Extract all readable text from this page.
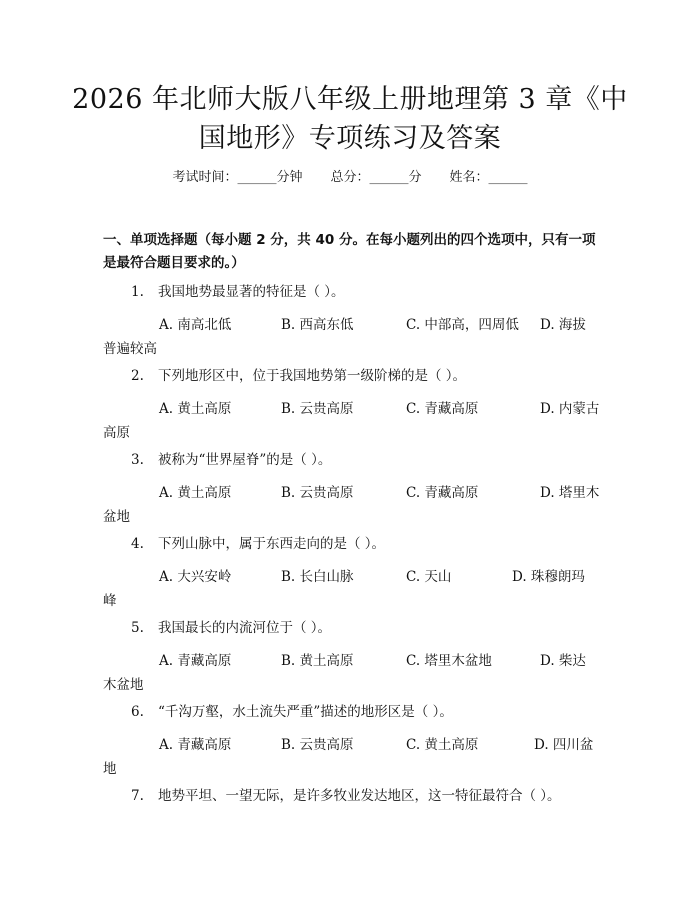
2026 年北师大版八年级上册地理第 3 章《中
国地形》专项练习及答案
考试时间：______分钟 总分：______分 姓名：______
一、单项选择题（每小题 2 分，共 40 分。在每小题列出的四个选项中，只有一项
是最符合题目要求的。）
1. 我国地势最显著的特征是（ ）。
A. 南高北低	B. 西高东低	C. 中部高，四周低 D. 海拔
普遍较高
2. 下列地形区中，位于我国地势第一级阶梯的是（ ）。
A. 黄土高原	B. 云贵高原	C. 青藏高原	D. 内蒙古
高原
3. 被称为“世界屋脊”的是（ ）。
A. 黄土高原	B. 云贵高原	C. 青藏高原	D. 塔里木
盆地
4. 下列山脉中，属于东西走向的是（ ）。
A. 大兴安岭	B. 长白山脉	C. 天山	D. 珠穆朗玛
峰
5. 我国最长的内流河位于（ ）。
A. 青藏高原	B. 黄土高原	C. 塔里木盆地	D. 柴达
木盆地
6. “千沟万壑，水土流失严重”描述的地形区是（ ）。
A. 青藏高原	B. 云贵高原	C. 黄土高原	D. 四川盆
地
7. 地势平坦、一望无际，是许多牧业发达地区，这一特征最符合（ ）。
